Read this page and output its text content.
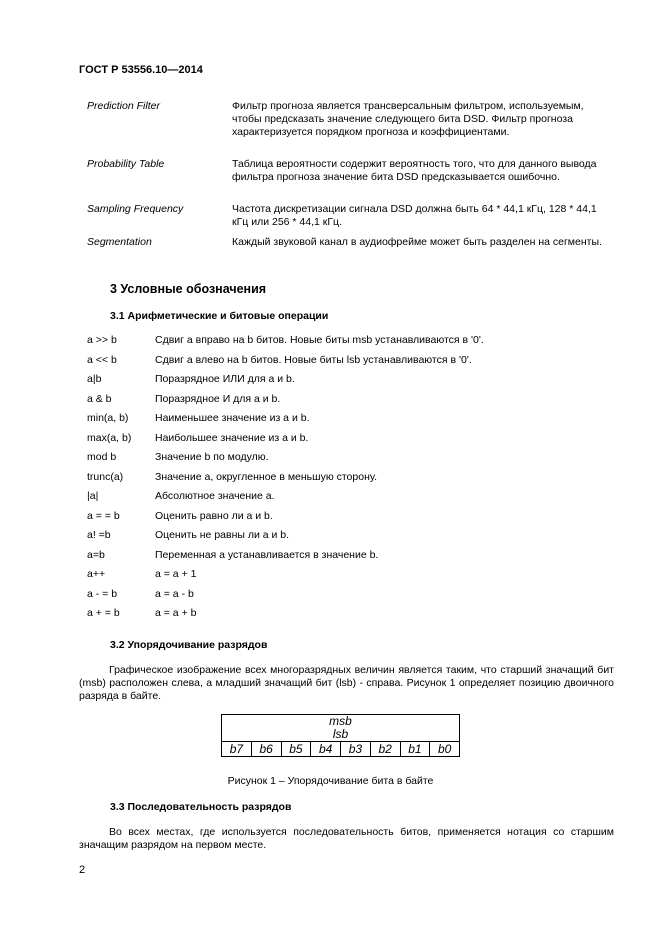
ГОСТ Р 53556.10—2014
Prediction Filter	Фильтр прогноза является трансверсальным фильтром, используемым, чтобы предсказать значение следующего бита DSD. Фильтр прогноза характеризуется порядком прогноза и коэффициентами.
Probability Table	Таблица вероятности содержит вероятность того, что для данного вывода фильтра прогноза значение бита DSD предсказывается ошибочно.
Sampling Frequency	Частота дискретизации сигнала DSD должна быть 64 * 44,1 кГц, 128 * 44,1 кГц или 256 * 44,1 кГц.
Segmentation	Каждый звуковой канал в аудиофрейме может быть разделен на сегменты.
3 Условные обозначения
3.1 Арифметические и битовые операции
a >> b	Сдвиг a вправо на b битов. Новые биты msb устанавливаются в '0'.
a << b	Сдвиг a влево на b битов. Новые биты lsb устанавливаются в '0'.
a|b	Поразрядное ИЛИ для a и b.
a & b	Поразрядное И для a и b.
min(a, b)	Наименьшее значение из a и b.
max(a, b) Наибольшее значение из a и b.
mod b	Значение b по модулю.
trunc(a)	Значение a, округленное в меньшую сторону.
|a|	Абсолютное значение a.
a = = b	Оценить равно ли a и b.
a! =b	Оценить не равны ли a и b.
a=b	Переменная a устанавливается в значение b.
a++	a = a + 1
a - = b	a = a - b
a + = b	a = a + b
3.2 Упорядочивание разрядов
Графическое изображение всех многоразрядных величин является таким, что старший значащий бит (msb) расположен слева, а младший значащий бит (lsb) - справа. Рисунок 1 определяет позицию двоичного разряда в байте.
msb
lsb
b7	b6	b5	b4	b3	b2	b1	b0
Рисунок 1 – Упорядочивание бита в байте
3.3 Последовательность разрядов
Во всех местах, где используется последовательность битов, применяется нотация со старшим значащим разрядом на первом месте.
2
